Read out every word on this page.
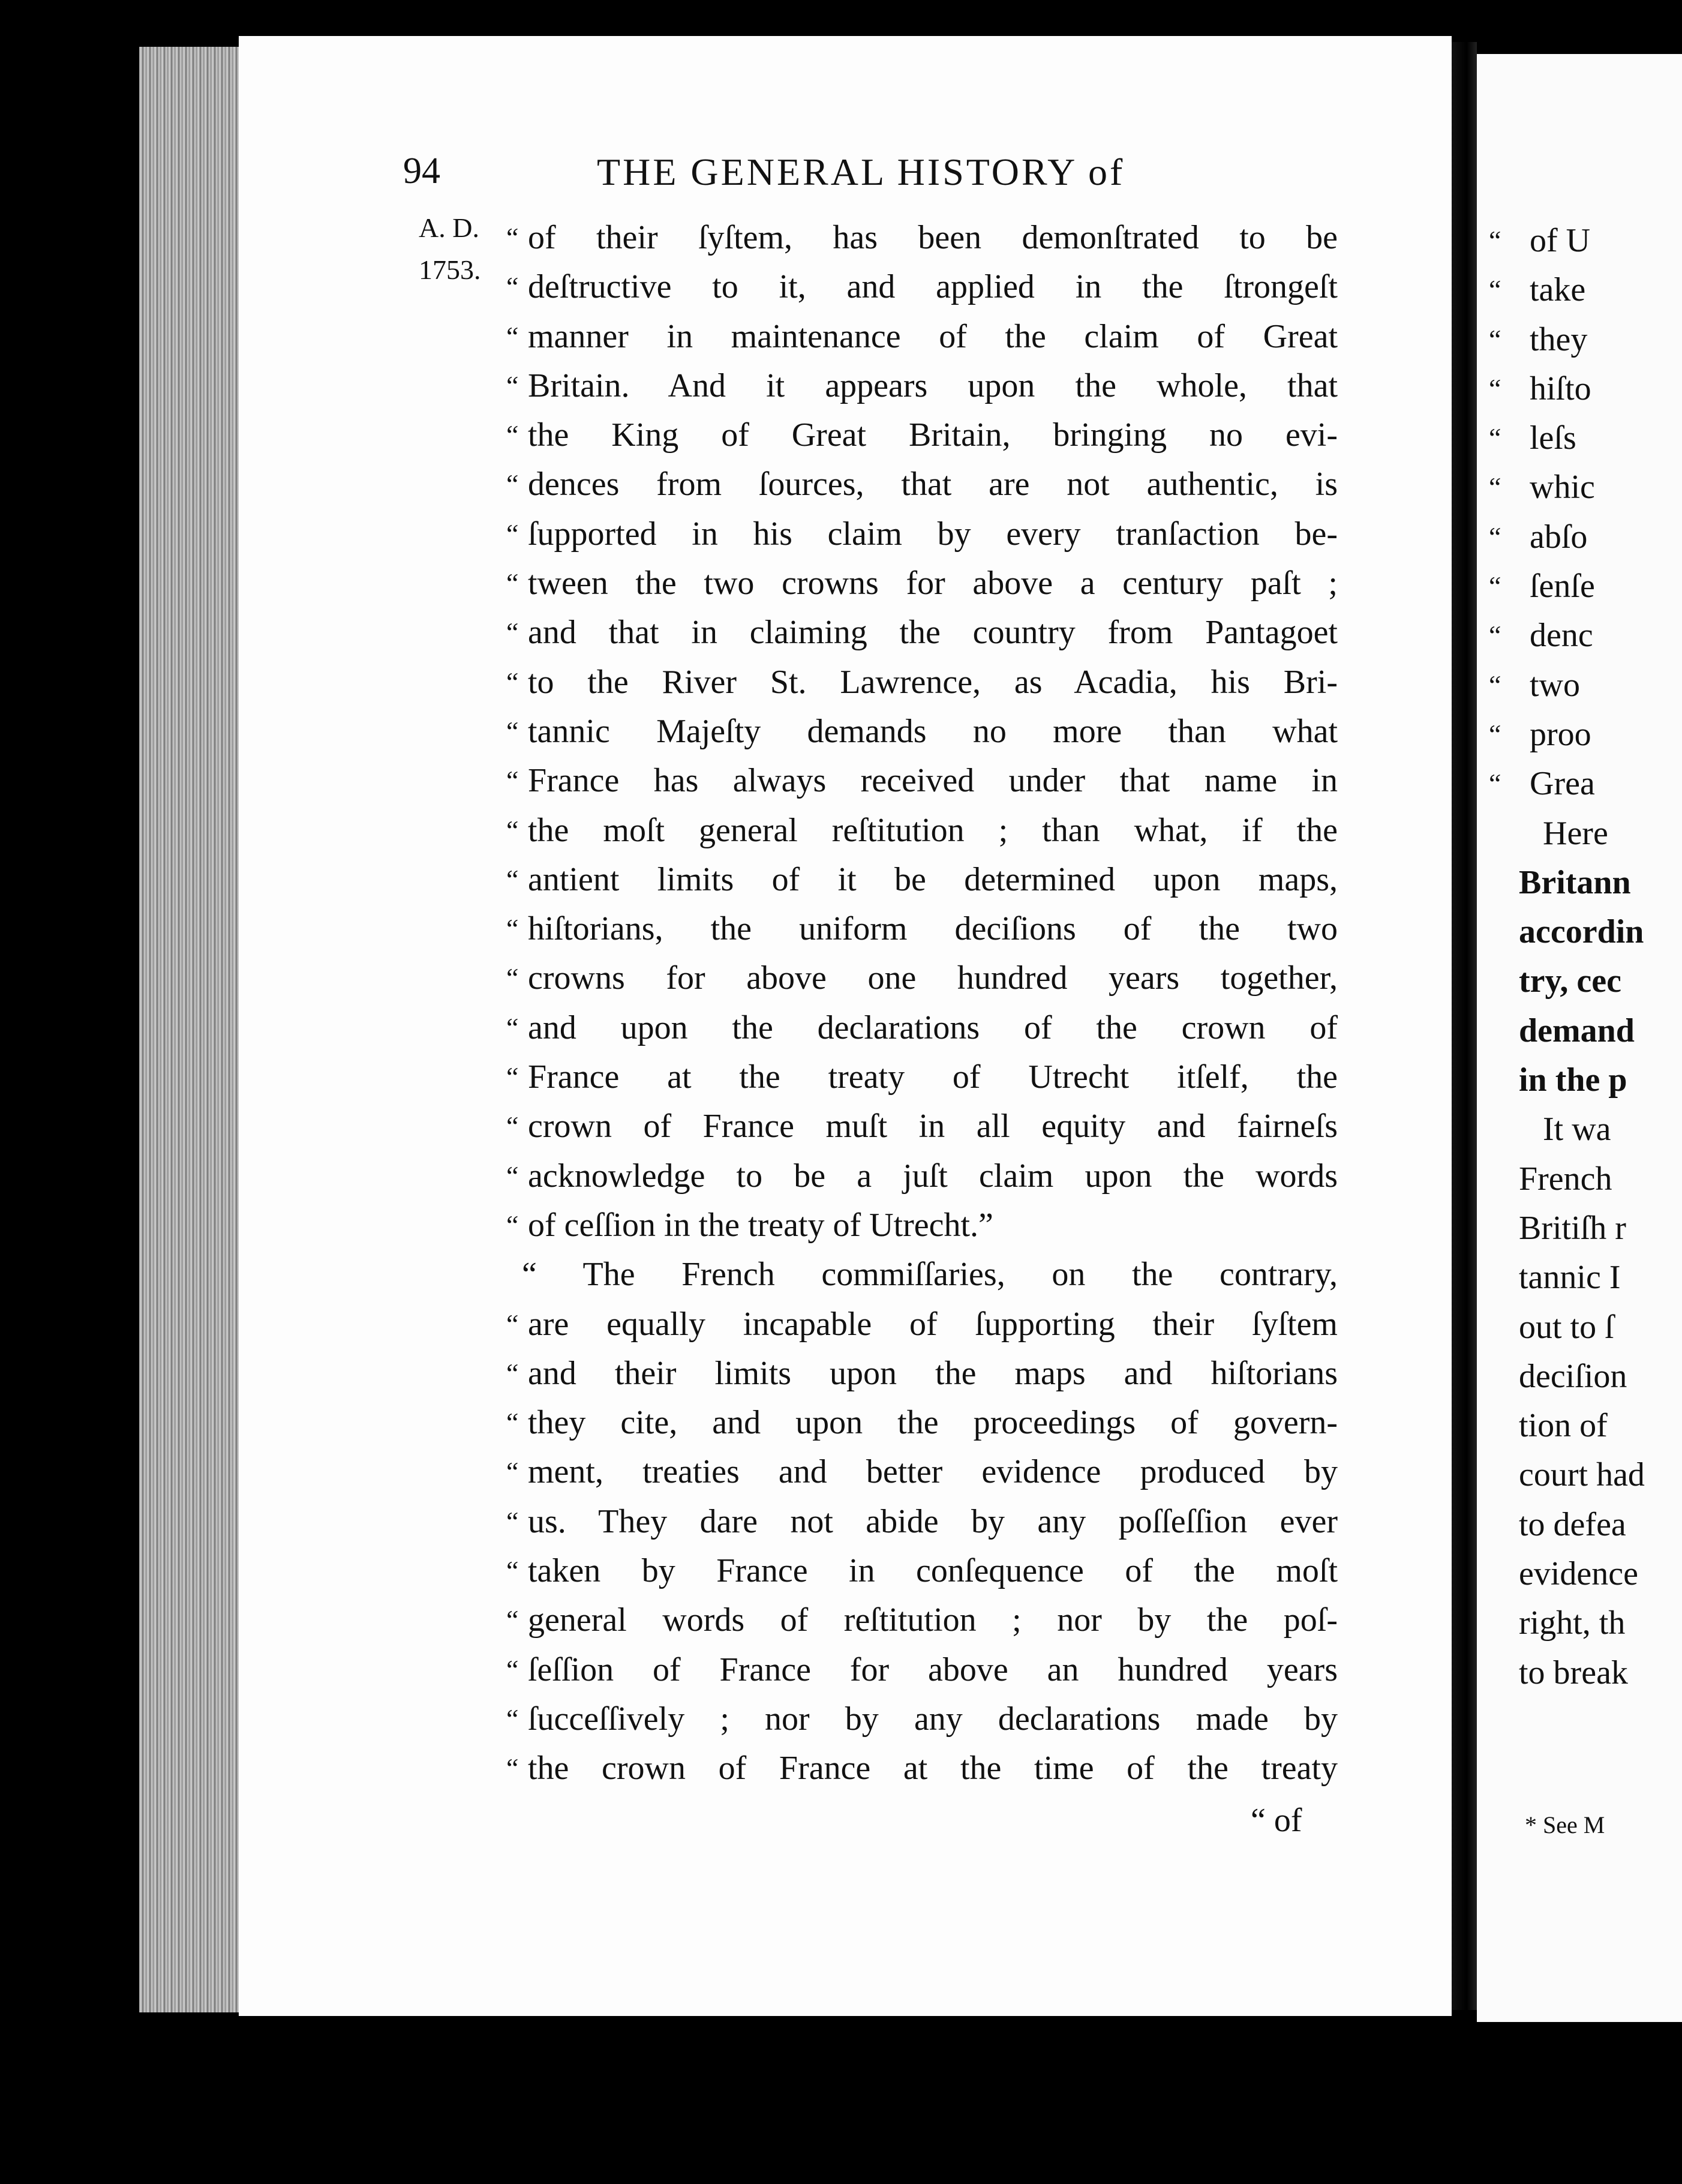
“ of U
“ take
“ they
“ hiſto
“ leſs
“ whic
“ abſo
“ ſenſe
“ denc
“ two
“ proo
“ Grea
Here
Britann
accordin
try, cec
demand
in the p
It wa
French
Britiſh r
tannic I
out to ſ
deciſion
tion of
court had
to defea
evidence
right, th
to break
* See M
94	THE GENERAL HISTORY of
A. D.
1753.
“ of their ſyſtem, has been demonſtrated to be
“ deſtructive to it, and applied in the ſtrongeſt
“ manner in maintenance of the claim of Great
“ Britain. And it appears upon the whole, that
“ the King of Great Britain, bringing no evi-
“ dences from ſources, that are not authentic, is
“ ſupported in his claim by every tranſaction be-
“ tween the two crowns for above a century paſt ;
“ and that in claiming the country from Pantagoet
“ to the River St. Lawrence, as Acadia, his Bri-
“ tannic Majeſty demands no more than what
“ France has always received under that name in
“ the moſt general reſtitution ; than what, if the
“ antient limits of it be determined upon maps,
“ hiſtorians, the uniform deciſions of the two
“ crowns for above one hundred years together,
“ and upon the declarations of the crown of
“ France at the treaty of Utrecht itſelf, the
“ crown of France muſt in all equity and fairneſs
“ acknowledge to be a juſt claim upon the words
“ of ceſſion in the treaty of Utrecht.”
“ The French commiſſaries, on the contrary,
“ are equally incapable of ſupporting their ſyſtem
“ and their limits upon the maps and hiſtorians
“ they cite, and upon the proceedings of govern-
“ ment, treaties and better evidence produced by
“ us. They dare not abide by any poſſeſſion ever
“ taken by France in conſequence of the moſt
“ general words of reſtitution ; nor by the poſ-
“ ſeſſion of France for above an hundred years
“ ſucceſſively ; nor by any declarations made by
“ the crown of France at the time of the treaty
“ of
